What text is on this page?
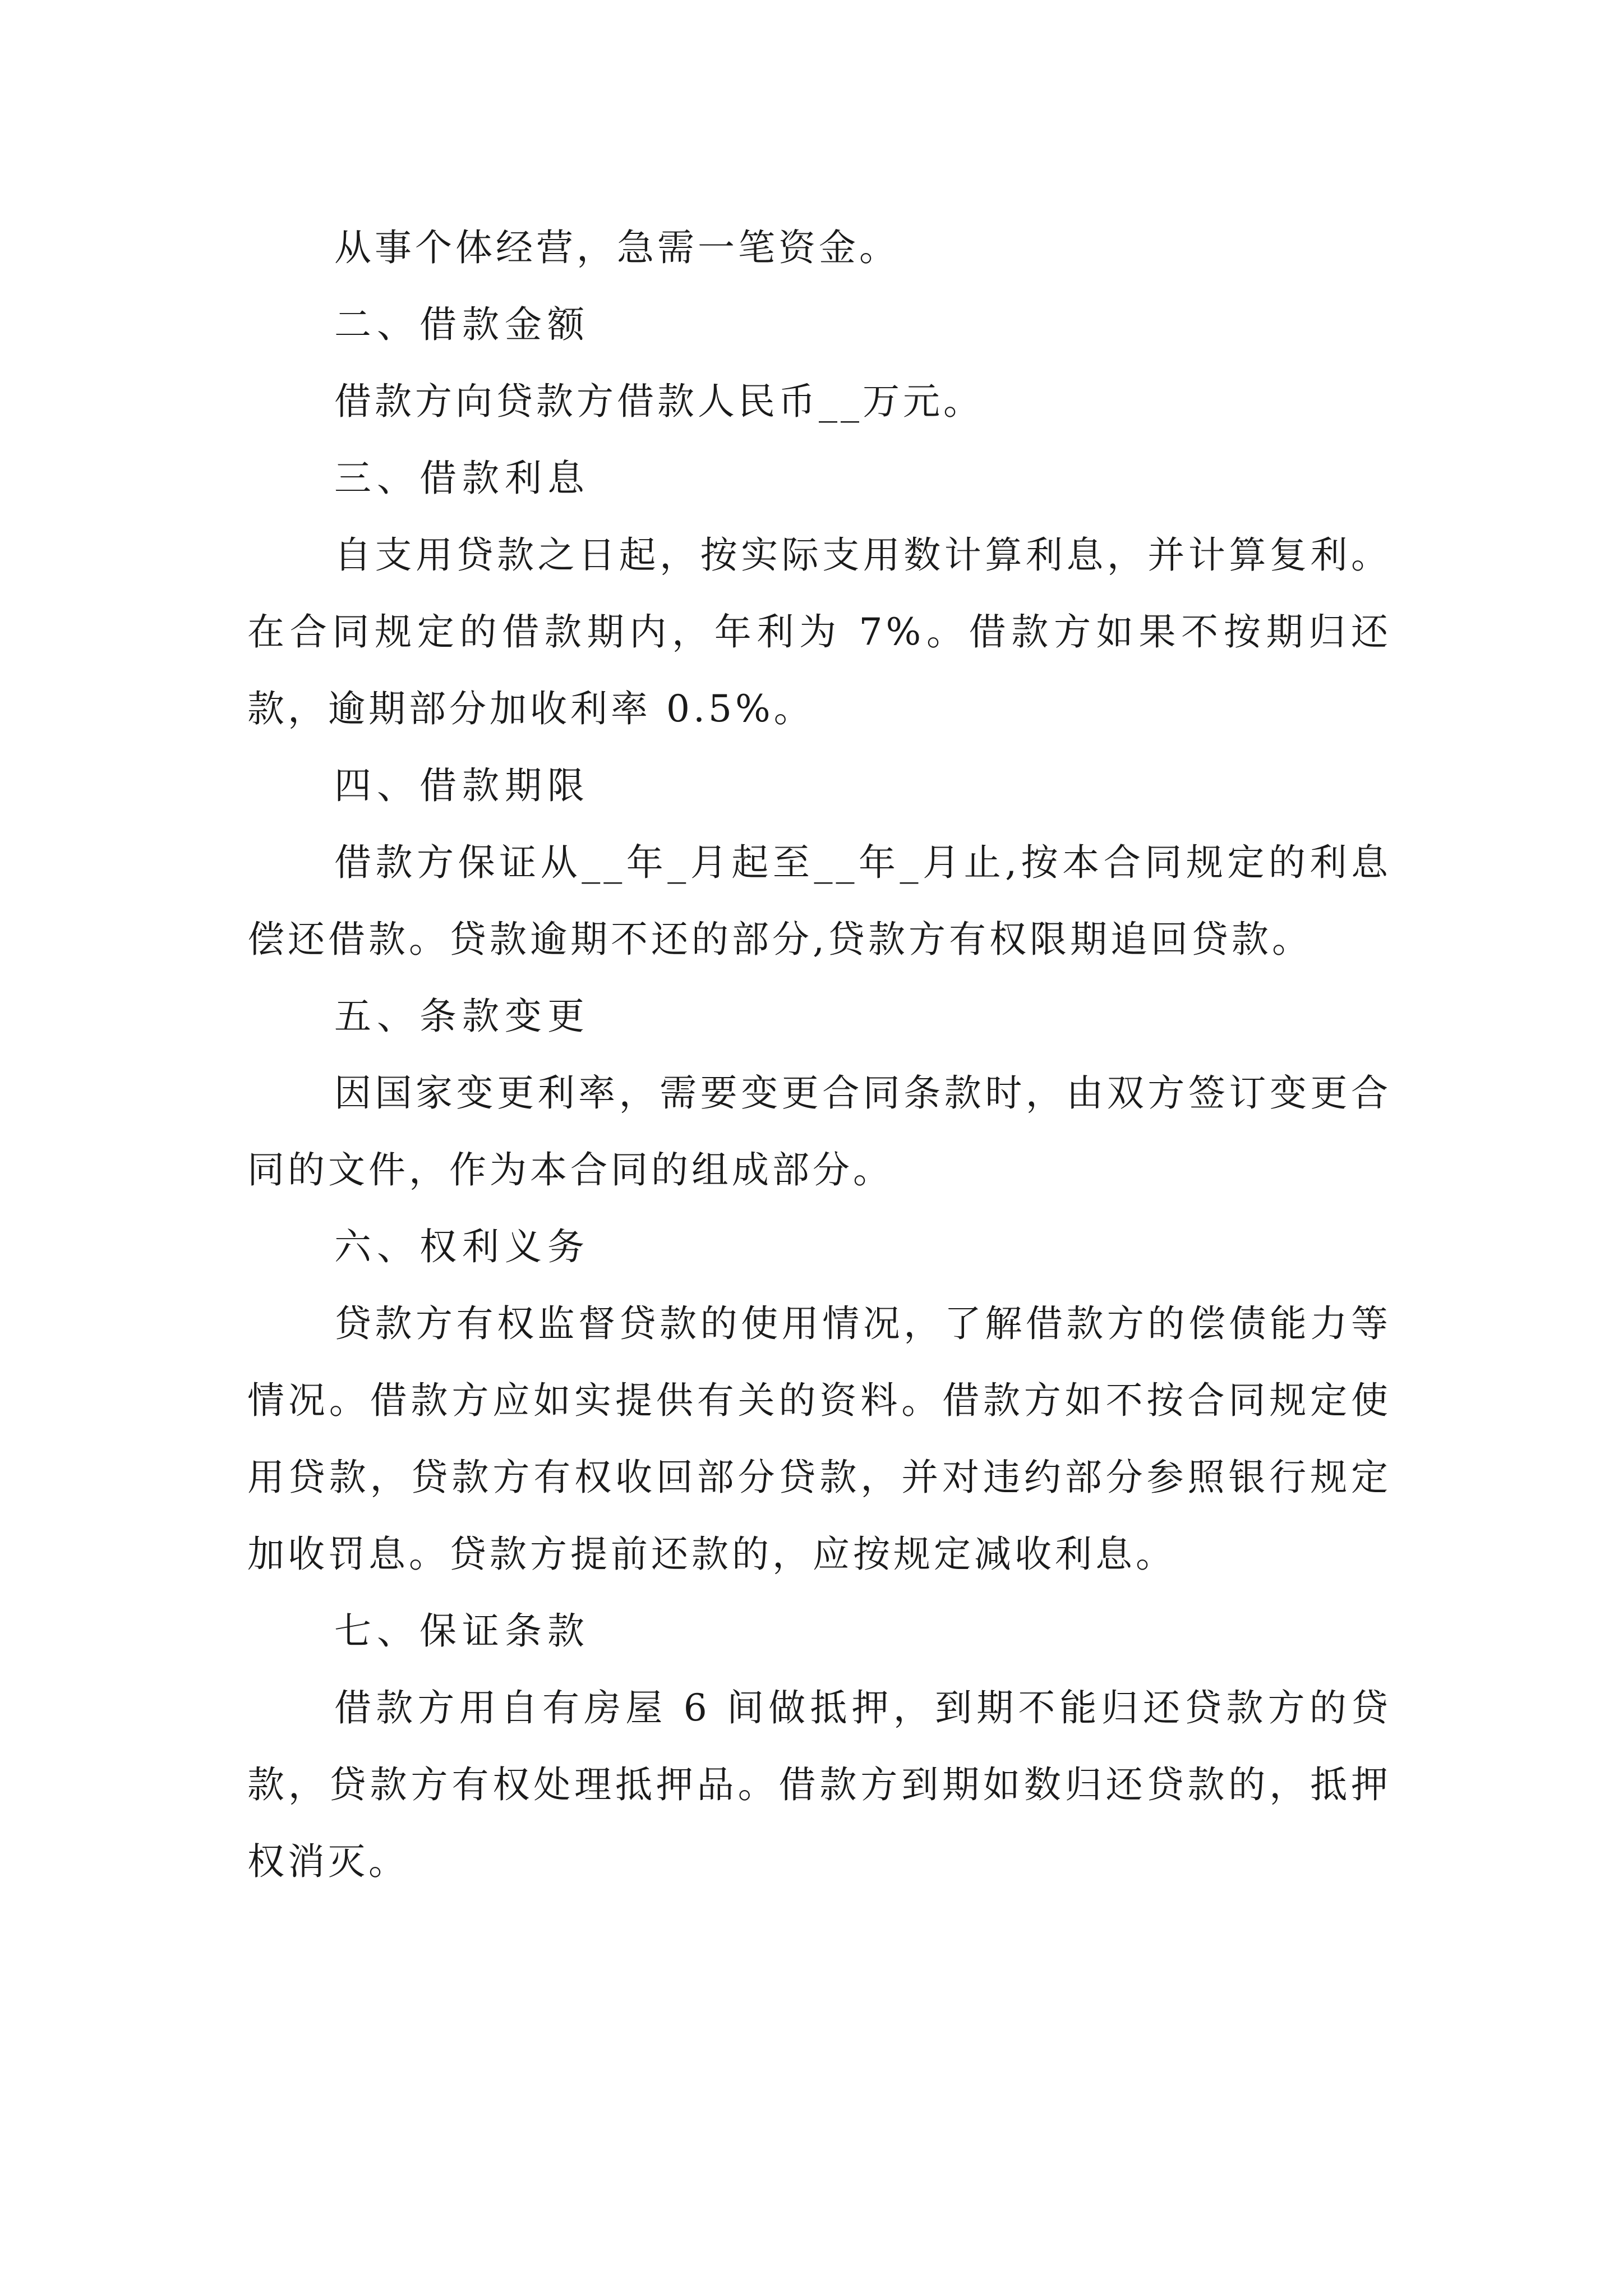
从事个体经营，急需一笔资金。

二、借款金额

借款方向贷款方借款人民币__万元。

三、借款利息

自支用贷款之日起，按实际支用数计算利息，并计算复利。在合同规定的借款期内，年利为 7%。借款方如果不按期归还款，逾期部分加收利率 0.5%。

四、借款期限

借款方保证从__年_月起至__年_月止,按本合同规定的利息偿还借款。贷款逾期不还的部分,贷款方有权限期追回贷款。

五、条款变更

因国家变更利率，需要变更合同条款时，由双方签订变更合同的文件，作为本合同的组成部分。

六、权利义务

贷款方有权监督贷款的使用情况，了解借款方的偿债能力等情况。借款方应如实提供有关的资料。借款方如不按合同规定使用贷款，贷款方有权收回部分贷款，并对违约部分参照银行规定加收罚息。贷款方提前还款的，应按规定减收利息。

七、保证条款

借款方用自有房屋 6 间做抵押，到期不能归还贷款方的贷款，贷款方有权处理抵押品。借款方到期如数归还贷款的，抵押权消灭。
